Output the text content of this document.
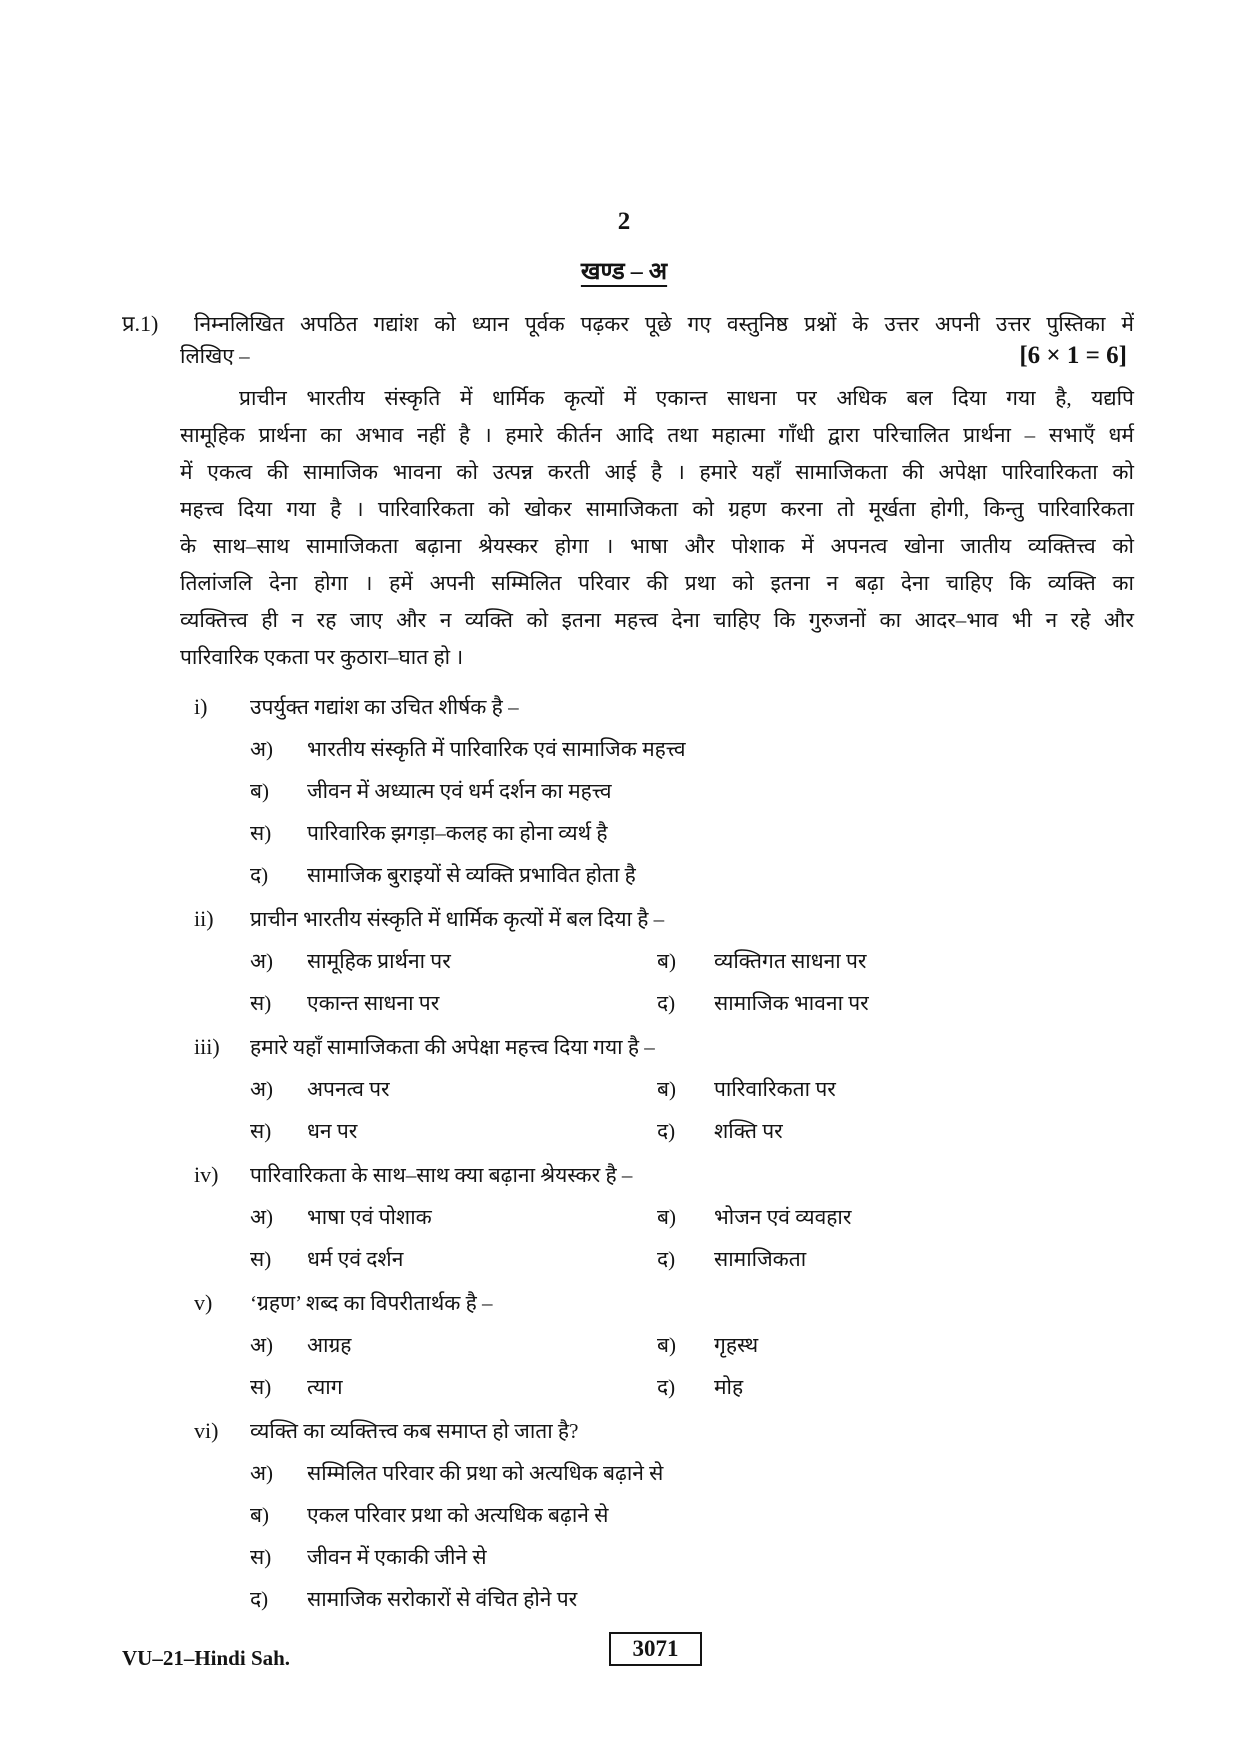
2
खण्ड – अ
प्र.1)	निम्नलिखित अपठित गद्यांश को ध्यान पूर्वक पढ़कर पूछे गए वस्तुनिष्ठ प्रश्नों के उत्तर अपनी उत्तर पुस्तिका में
लिखिए –	[6 × 1 = 6]
प्राचीन भारतीय संस्कृति में धार्मिक कृत्यों में एकान्त साधना पर अधिक बल दिया गया है, यद्यपि
सामूहिक प्रार्थना का अभाव नहीं है । हमारे कीर्तन आदि तथा महात्मा गाँधी द्वारा परिचालित प्रार्थना – सभाएँ धर्म
में एकत्व की सामाजिक भावना को उत्पन्न करती आई है । हमारे यहाँ सामाजिकता की अपेक्षा पारिवारिकता को
महत्त्व दिया गया है । पारिवारिकता को खोकर सामाजिकता को ग्रहण करना तो मूर्खता होगी, किन्तु पारिवारिकता
के साथ–साथ सामाजिकता बढ़ाना श्रेयस्कर होगा । भाषा और पोशाक में अपनत्व खोना जातीय व्यक्तित्त्व को
तिलांजलि देना होगा । हमें अपनी सम्मिलित परिवार की प्रथा को इतना न बढ़ा देना चाहिए कि व्यक्ति का
व्यक्तित्त्व ही न रह जाए और न व्यक्ति को इतना महत्त्व देना चाहिए कि गुरुजनों का आदर–भाव भी न रहे और
पारिवारिक एकता पर कुठारा–घात हो ।
i)	उपर्युक्त गद्यांश का उचित शीर्षक है –
अ)	भारतीय संस्कृति में पारिवारिक एवं सामाजिक महत्त्व
ब)	जीवन में अध्यात्म एवं धर्म दर्शन का महत्त्व
स)	पारिवारिक झगड़ा–कलह का होना व्यर्थ है
द)	सामाजिक बुराइयों से व्यक्ति प्रभावित होता है
ii)	प्राचीन भारतीय संस्कृति में धार्मिक कृत्यों में बल दिया है –
अ)	सामूहिक प्रार्थना पर	ब)	व्यक्तिगत साधना पर
स)	एकान्त साधना पर	द)	सामाजिक भावना पर
iii)	हमारे यहाँ सामाजिकता की अपेक्षा महत्त्व दिया गया है –
अ)	अपनत्व पर	ब)	पारिवारिकता पर
स)	धन पर	द)	शक्ति पर
iv)	पारिवारिकता के साथ–साथ क्या बढ़ाना श्रेयस्कर है –
अ)	भाषा एवं पोशाक	ब)	भोजन एवं व्यवहार
स)	धर्म एवं दर्शन	द)	सामाजिकता
v)	‘ग्रहण’ शब्द का विपरीतार्थक है –
अ)	आग्रह	ब)	गृहस्थ
स)	त्याग	द)	मोह
vi)	व्यक्ति का व्यक्तित्त्व कब समाप्त हो जाता है?
अ)	सम्मिलित परिवार की प्रथा को अत्यधिक बढ़ाने से
ब)	एकल परिवार प्रथा को अत्यधिक बढ़ाने से
स)	जीवन में एकाकी जीने से
द)	सामाजिक सरोकारों से वंचित होने पर
VU–21–Hindi Sah.	3071
